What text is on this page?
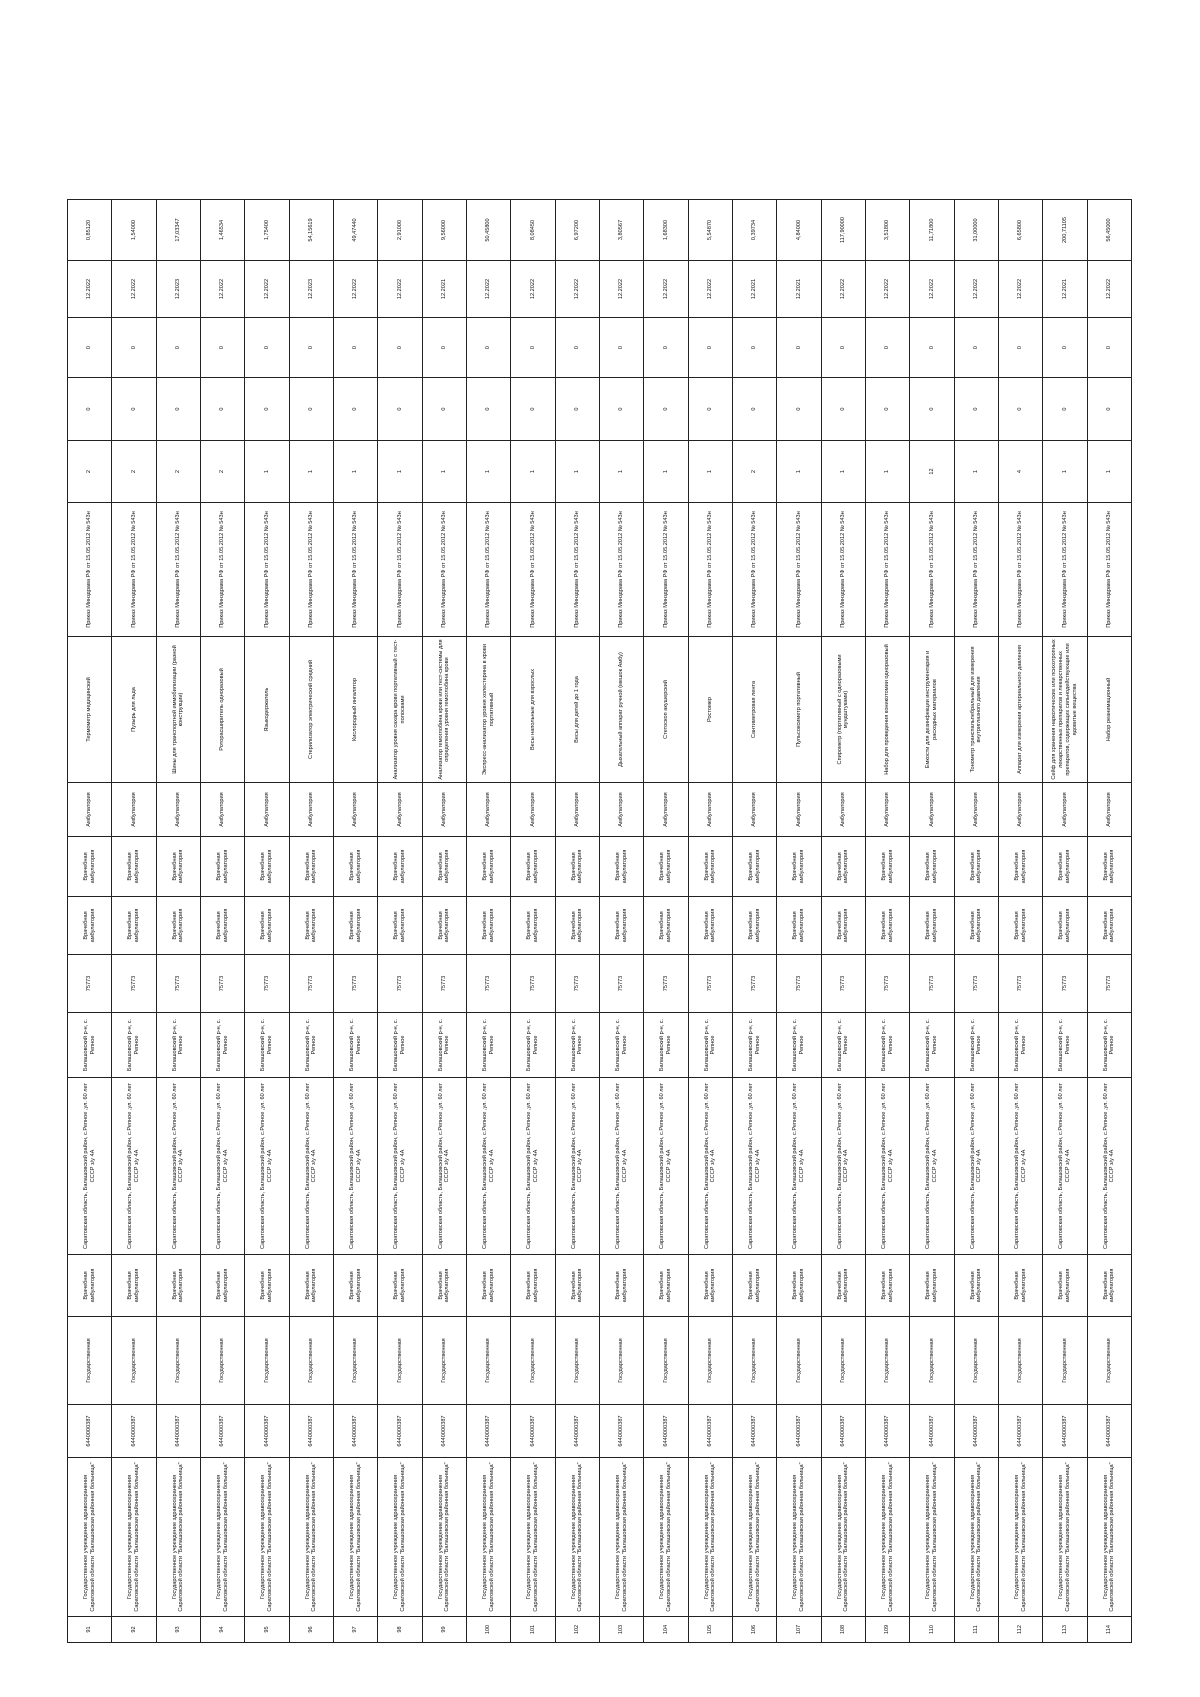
91	Государственное учреждение здравоохранения Саратовской области "Балашовская районная больница"	6440000387	Государственная	Врачебная амбулатория	Саратовская область, Балашовский район, с.Репное ,ул. 60 лет СССР з/у 4А	Балашовский р-н, с. Репное	75773	Врачебная амбулатория	Врачебная амбулатория	Амбулатория	Термометр медицинский	Приказ Минздрава РФ от 15.05.2012 № 543н	2	0	0	12.2022	0,85120
92	Государственное учреждение здравоохранения Саратовской области "Балашовская районная больница"	6440000387	Государственная	Врачебная амбулатория	Саратовская область, Балашовский район, с.Репное ,ул. 60 лет СССР з/у 4А	Балашовский р-н, с. Репное	75773	Врачебная амбулатория	Врачебная амбулатория	Амбулатория	Пузырь для льда	Приказ Минздрава РФ от 15.05.2012 № 543н	2	0	0	12.2022	1,54000
93	Государственное учреждение здравоохранения Саратовской области "Балашовская районная больница"	6440000387	Государственная	Врачебная амбулатория	Саратовская область, Балашовский район, с.Репное ,ул. 60 лет СССР з/у 4А	Балашовский р-н, с. Репное	75773	Врачебная амбулатория	Врачебная амбулатория	Амбулатория	Шины для транспортной иммобилизации (разной конструкции)	Приказ Минздрава РФ от 15.05.2012 № 543н	2	0	0	12.2023	17,03347
94	Государственное учреждение здравоохранения Саратовской области "Балашовская районная больница"	6440000387	Государственная	Врачебная амбулатория	Саратовская область, Балашовский район, с.Репное ,ул. 60 лет СССР з/у 4А	Балашовский р-н, с. Репное	75773	Врачебная амбулатория	Врачебная амбулатория	Амбулатория	Роторасширитель одноразовый	Приказ Минздрава РФ от 15.05.2012 № 543н	2	0	0	12.2022	1,46534
95	Государственное учреждение здравоохранения Саратовской области "Балашовская районная больница"	6440000387	Государственная	Врачебная амбулатория	Саратовская область, Балашовский район, с.Репное ,ул. 60 лет СССР з/у 4А	Балашовский р-н, с. Репное	75773	Врачебная амбулатория	Врачебная амбулатория	Амбулатория	Языкодержатель	Приказ Минздрава РФ от 15.05.2012 № 543н	1	0	0	12.2022	1,75400
96	Государственное учреждение здравоохранения Саратовской области "Балашовская районная больница"	6440000387	Государственная	Врачебная амбулатория	Саратовская область, Балашовский район, с.Репное ,ул. 60 лет СССР з/у 4А	Балашовский р-н, с. Репное	75773	Врачебная амбулатория	Врачебная амбулатория	Амбулатория	Стерилизатор электрический средний	Приказ Минздрава РФ от 15.05.2012 № 543н	1	0	0	12.2023	54,15619
97	Государственное учреждение здравоохранения Саратовской области "Балашовская районная больница"	6440000387	Государственная	Врачебная амбулатория	Саратовская область, Балашовский район, с.Репное ,ул. 60 лет СССР з/у 4А	Балашовский р-н, с. Репное	75773	Врачебная амбулатория	Врачебная амбулатория	Амбулатория	Кислородный ингалятор	Приказ Минздрава РФ от 15.05.2012 № 543н	1	0	0	12.2022	49,47440
98	Государственное учреждение здравоохранения Саратовской области "Балашовская районная больница"	6440000387	Государственная	Врачебная амбулатория	Саратовская область, Балашовский район, с.Репное ,ул. 60 лет СССР з/у 4А	Балашовский р-н, с. Репное	75773	Врачебная амбулатория	Врачебная амбулатория	Амбулатория	Анализатор уровня сахара крови портативный с тест-полосками	Приказ Минздрава РФ от 15.05.2012 № 543н	1	0	0	12.2022	2,91000
99	Государственное учреждение здравоохранения Саратовской области "Балашовская районная больница"	6440000387	Государственная	Врачебная амбулатория	Саратовская область, Балашовский район, с.Репное ,ул. 60 лет СССР з/у 4А	Балашовский р-н, с. Репное	75773	Врачебная амбулатория	Врачебная амбулатория	Амбулатория	Анализатор гемоглобина крови или тест-системы для определения уровня гемоглобина крови	Приказ Минздрава РФ от 15.05.2012 № 543н	1	0	0	12.2021	9,56000
100	Государственное учреждение здравоохранения Саратовской области "Балашовская районная больница"	6440000387	Государственная	Врачебная амбулатория	Саратовская область, Балашовский район, с.Репное ,ул. 60 лет СССР з/у 4А	Балашовский р-н, с. Репное	75773	Врачебная амбулатория	Врачебная амбулатория	Амбулатория	Экспресс-анализатор уровня холестерина в крови портативный	Приказ Минздрава РФ от 15.05.2012 № 543н	1	0	0	12.2022	50,45800
101	Государственное учреждение здравоохранения Саратовской области "Балашовская районная больница"	6440000387	Государственная	Врачебная амбулатория	Саратовская область, Балашовский район, с.Репное ,ул. 60 лет СССР з/у 4А	Балашовский р-н, с. Репное	75773	Врачебная амбулатория	Врачебная амбулатория	Амбулатория	Весы напольные для взрослых	Приказ Минздрава РФ от 15.05.2012 № 543н	1	0	0	12.2022	8,08450
102	Государственное учреждение здравоохранения Саратовской области "Балашовская районная больница"	6440000387	Государственная	Врачебная амбулатория	Саратовская область, Балашовский район, с.Репное ,ул. 60 лет СССР з/у 4А	Балашовский р-н, с. Репное	75773	Врачебная амбулатория	Врачебная амбулатория	Амбулатория	Весы для детей до 1 года	Приказ Минздрава РФ от 15.05.2012 № 543н	1	0	0	12.2022	6,97200
103	Государственное учреждение здравоохранения Саратовской области "Балашовская районная больница"	6440000387	Государственная	Врачебная амбулатория	Саратовская область, Балашовский район, с.Репное ,ул. 60 лет СССР з/у 4А	Балашовский р-н, с. Репное	75773	Врачебная амбулатория	Врачебная амбулатория	Амбулатория	Дыхательный аппарат ручной (мешок Амбу)	Приказ Минздрава РФ от 15.05.2012 № 543н	1	0	0	12.2022	3,80567
104	Государственное учреждение здравоохранения Саратовской области "Балашовская районная больница"	6440000387	Государственная	Врачебная амбулатория	Саратовская область, Балашовский район, с.Репное ,ул. 60 лет СССР з/у 4А	Балашовский р-н, с. Репное	75773	Врачебная амбулатория	Врачебная амбулатория	Амбулатория	Стетоскоп акушерский	Приказ Минздрава РФ от 15.05.2012 № 543н	1	0	0	12.2022	1,68300
105	Государственное учреждение здравоохранения Саратовской области "Балашовская районная больница"	6440000387	Государственная	Врачебная амбулатория	Саратовская область, Балашовский район, с.Репное ,ул. 60 лет СССР з/у 4А	Балашовский р-н, с. Репное	75773	Врачебная амбулатория	Врачебная амбулатория	Амбулатория	Ростомер	Приказ Минздрава РФ от 15.05.2012 № 543н	1	0	0	12.2022	5,54870
106	Государственное учреждение здравоохранения Саратовской области "Балашовская районная больница"	6440000387	Государственная	Врачебная амбулатория	Саратовская область, Балашовский район, с.Репное ,ул. 60 лет СССР з/у 4А	Балашовский р-н, с. Репное	75773	Врачебная амбулатория	Врачебная амбулатория	Амбулатория	Сантиметровая лента	Приказ Минздрава РФ от 15.05.2012 № 543н	2	0	0	12.2021	0,39734
107	Государственное учреждение здравоохранения Саратовской области "Балашовская районная больница"	6440000387	Государственная	Врачебная амбулатория	Саратовская область, Балашовский район, с.Репное ,ул. 60 лет СССР з/у 4А	Балашовский р-н, с. Репное	75773	Врачебная амбулатория	Врачебная амбулатория	Амбулатория	Пульсоксиметр портативный	Приказ Минздрава РФ от 15.05.2012 № 543н	1	0	0	12.2021	4,84000
108	Государственное учреждение здравоохранения Саратовской области "Балашовская районная больница"	6440000387	Государственная	Врачебная амбулатория	Саратовская область, Балашовский район, с.Репное ,ул. 60 лет СССР з/у 4А	Балашовский р-н, с. Репное	75773	Врачебная амбулатория	Врачебная амбулатория	Амбулатория	Спирометр (портативный с одноразовыми мундштуками)	Приказ Минздрава РФ от 15.05.2012 № 543н	1	0	0	12.2022	117,90000
109	Государственное учреждение здравоохранения Саратовской области "Балашовская районная больница"	6440000387	Государственная	Врачебная амбулатория	Саратовская область, Балашовский район, с.Репное ,ул. 60 лет СССР з/у 4А	Балашовский р-н, с. Репное	75773	Врачебная амбулатория	Врачебная амбулатория	Амбулатория	Набор для проведения коникотомии одноразовый	Приказ Минздрава РФ от 15.05.2012 № 543н	1	0	0	12.2022	3,51800
110	Государственное учреждение здравоохранения Саратовской области "Балашовская районная больница"	6440000387	Государственная	Врачебная амбулатория	Саратовская область, Балашовский район, с.Репное ,ул. 60 лет СССР з/у 4А	Балашовский р-н, с. Репное	75773	Врачебная амбулатория	Врачебная амбулатория	Амбулатория	Емкости для дезинфекции инструментария и расходных материалов	Приказ Минздрава РФ от 15.05.2012 № 543н	12	0	0	12.2022	11,71800
111	Государственное учреждение здравоохранения Саратовской области "Балашовская районная больница"	6440000387	Государственная	Врачебная амбулатория	Саратовская область, Балашовский район, с.Репное ,ул. 60 лет СССР з/у 4А	Балашовский р-н, с. Репное	75773	Врачебная амбулатория	Врачебная амбулатория	Амбулатория	Тонометр транспальпебральный для измерения внутриглазного давления	Приказ Минздрава РФ от 15.05.2012 № 543н	1	0	0	12.2022	31,00000
112	Государственное учреждение здравоохранения Саратовской области "Балашовская районная больница"	6440000387	Государственная	Врачебная амбулатория	Саратовская область, Балашовский район, с.Репное ,ул. 60 лет СССР з/у 4А	Балашовский р-н, с. Репное	75773	Врачебная амбулатория	Врачебная амбулатория	Амбулатория	Аппарат для измерения артериального давления	Приказ Минздрава РФ от 15.05.2012 № 543н	4	0	0	12.2022	6,65800
113	Государственное учреждение здравоохранения Саратовской области "Балашовская районная больница"	6440000387	Государственная	Врачебная амбулатория	Саратовская область, Балашовский район, с.Репное ,ул. 60 лет СССР з/у 4А	Балашовский р-н, с. Репное	75773	Врачебная амбулатория	Врачебная амбулатория	Амбулатория	Сейф для хранения наркотических или психотропных лекарственных препаратов и лекарственных препаратов, содержащих сильнодействующие или ядовитые вещества	Приказ Минздрава РФ от 15.05.2012 № 543н	1	0	0	12.2021	200,71105
114	Государственное учреждение здравоохранения Саратовской области "Балашовская районная больница"	6440000387	Государственная	Врачебная амбулатория	Саратовская область, Балашовский район, с.Репное ,ул. 60 лет СССР з/у 4А	Балашовский р-н, с. Репное	75773	Врачебная амбулатория	Врачебная амбулатория	Амбулатория	Набор реанимационный	Приказ Минздрава РФ от 15.05.2012 № 543н	1	0	0	12.2022	56,45000
